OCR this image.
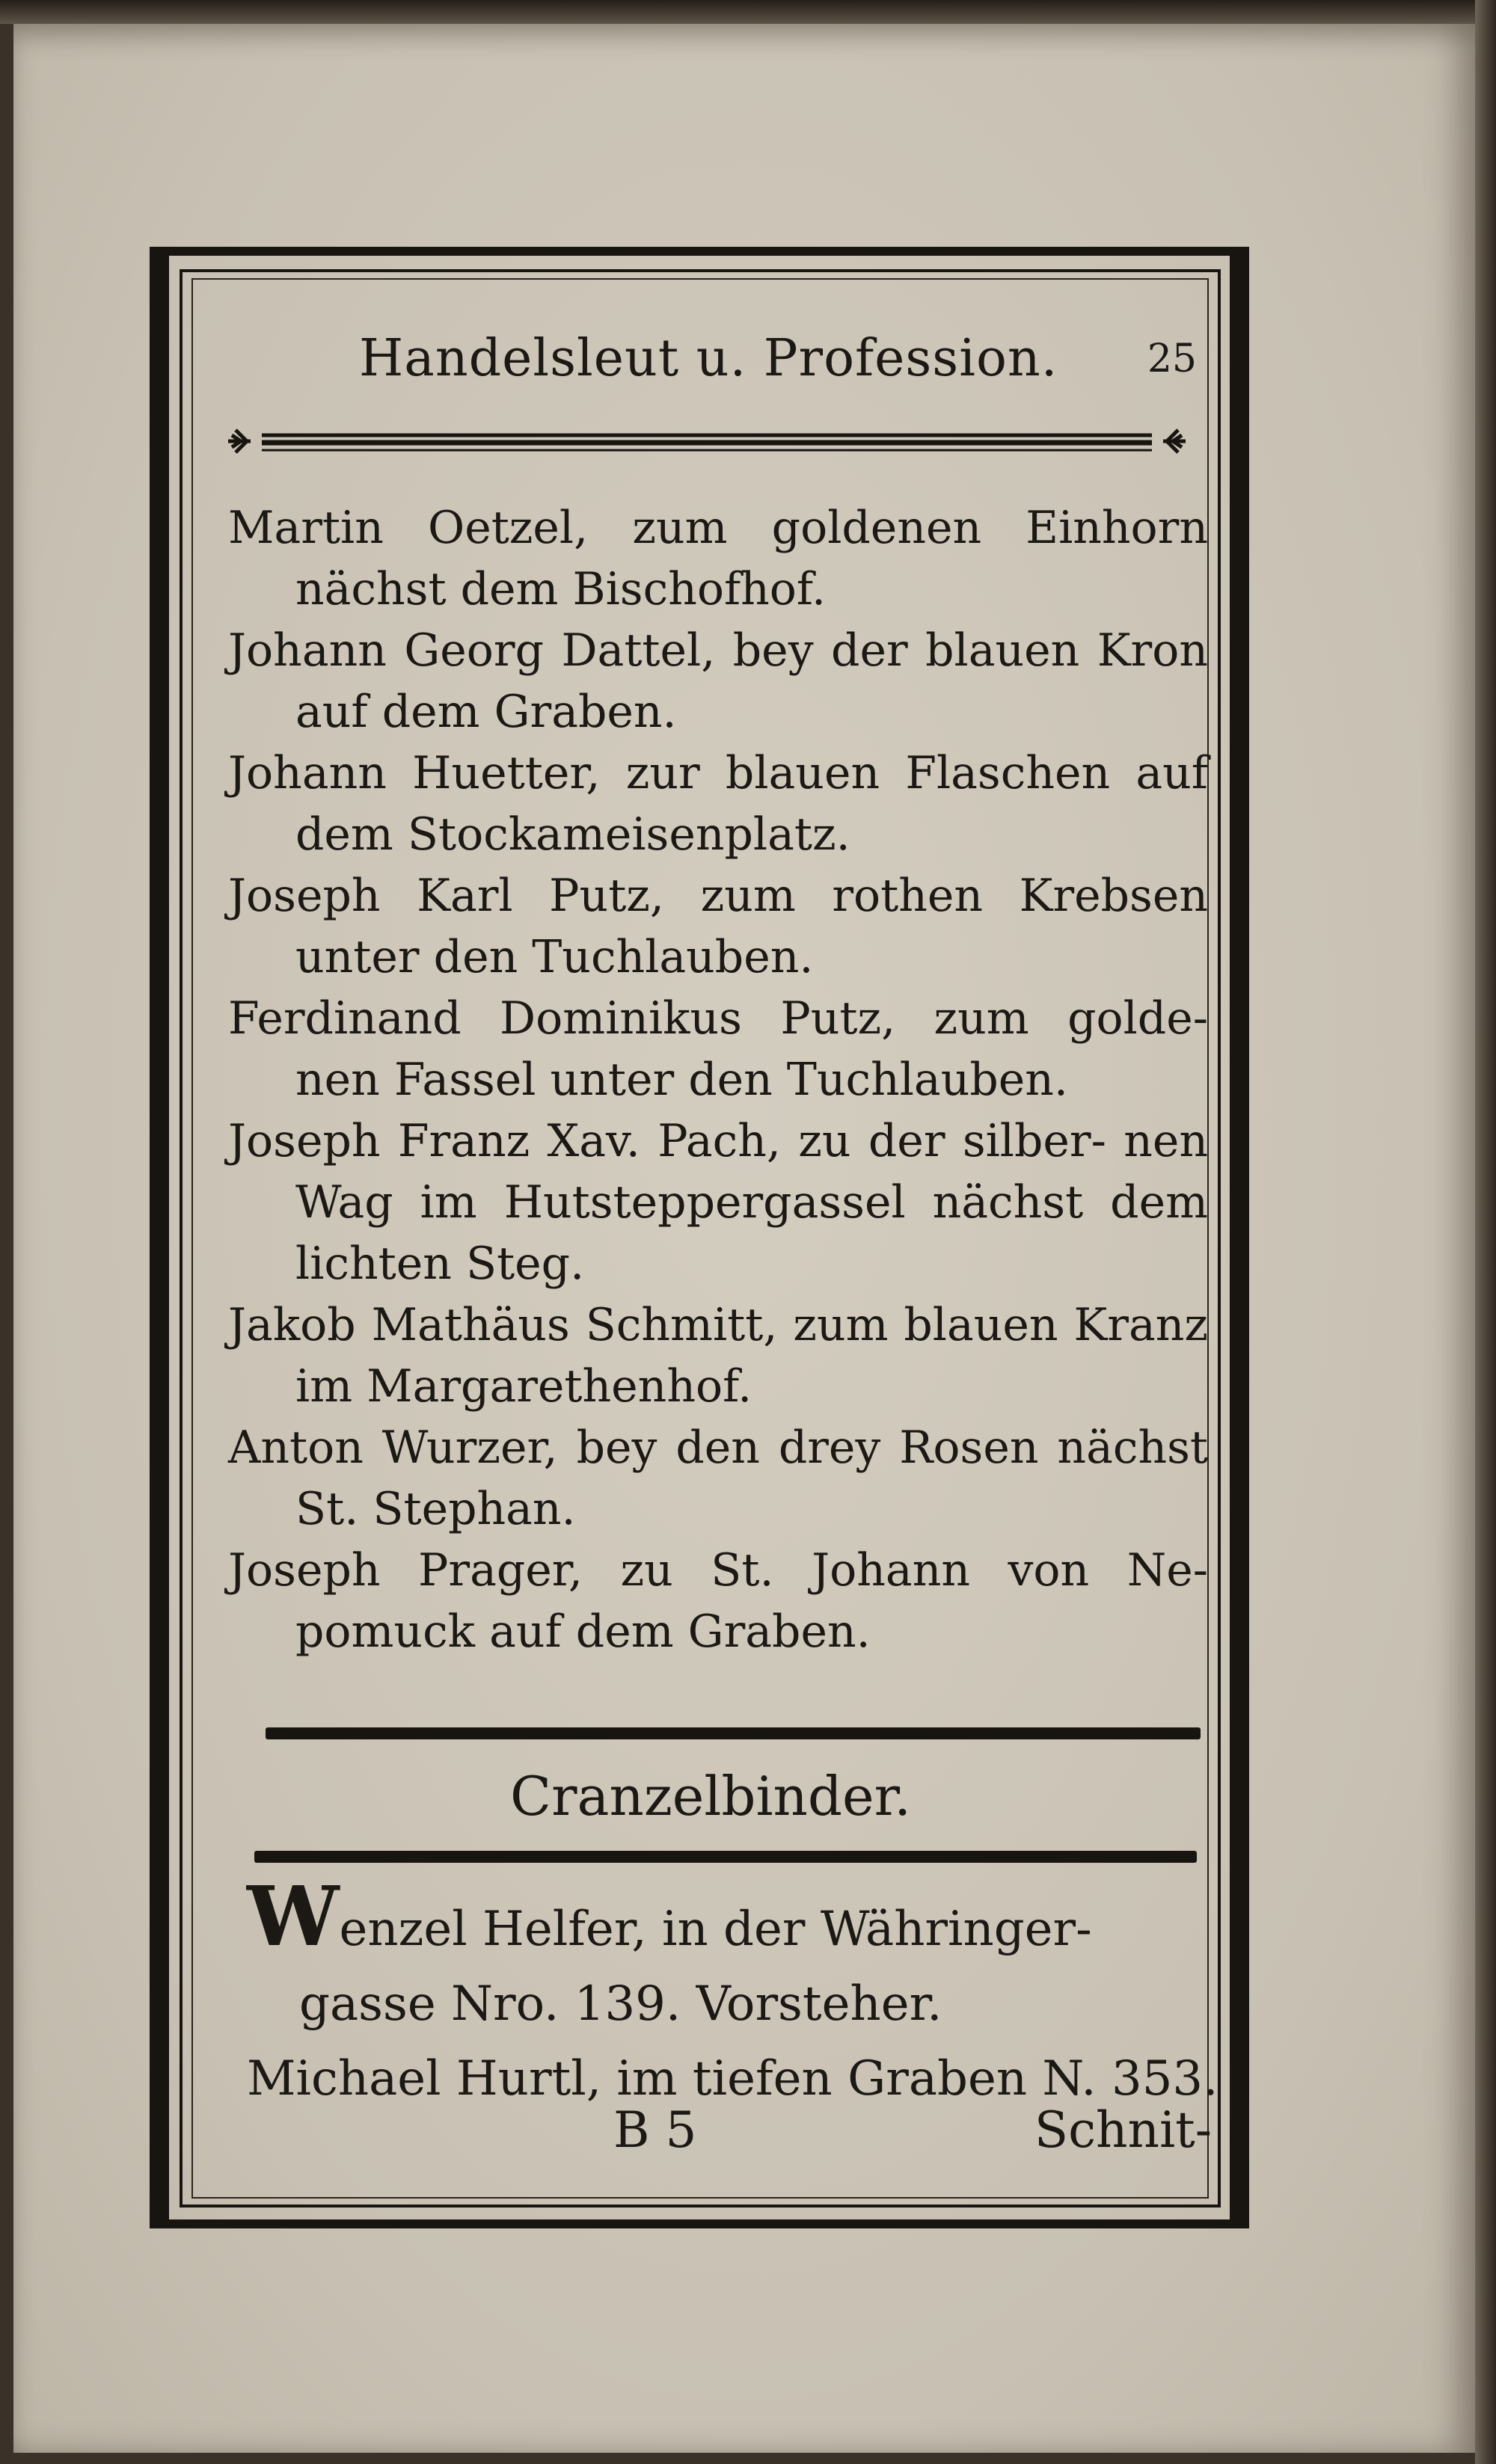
Handelsleut u. Profession. 25

Martin Oetzel, zum goldenen Einhorn nächst dem Bischofhof.

Johann Georg Dattel, bey der blauen Kron auf dem Graben.

Johann Huetter, zur blauen Flaschen auf dem Stockameisenplatz.

Joseph Karl Putz, zum rothen Krebsen unter den Tuchlauben.

Ferdinand Dominikus Putz, zum golde- nen Fassel unter den Tuchlauben.

Joseph Franz Xav. Pach, zu der silber- nen Wag im Hutsteppergassel nächst dem lichten Steg.

Jakob Mathäus Schmitt, zum blauen Kranz im Margarethenhof.

Anton Wurzer, bey den drey Rosen nächst St. Stephan.

Joseph Prager, zu St. Johann von Ne- pomuck auf dem Graben.

Cranzelbinder.

Wenzel Helfer, in der Währinger- gasse Nro. 139. Vorsteher.

Michael Hurtl, im tiefen Graben N. 353.

B 5	Schnit-
